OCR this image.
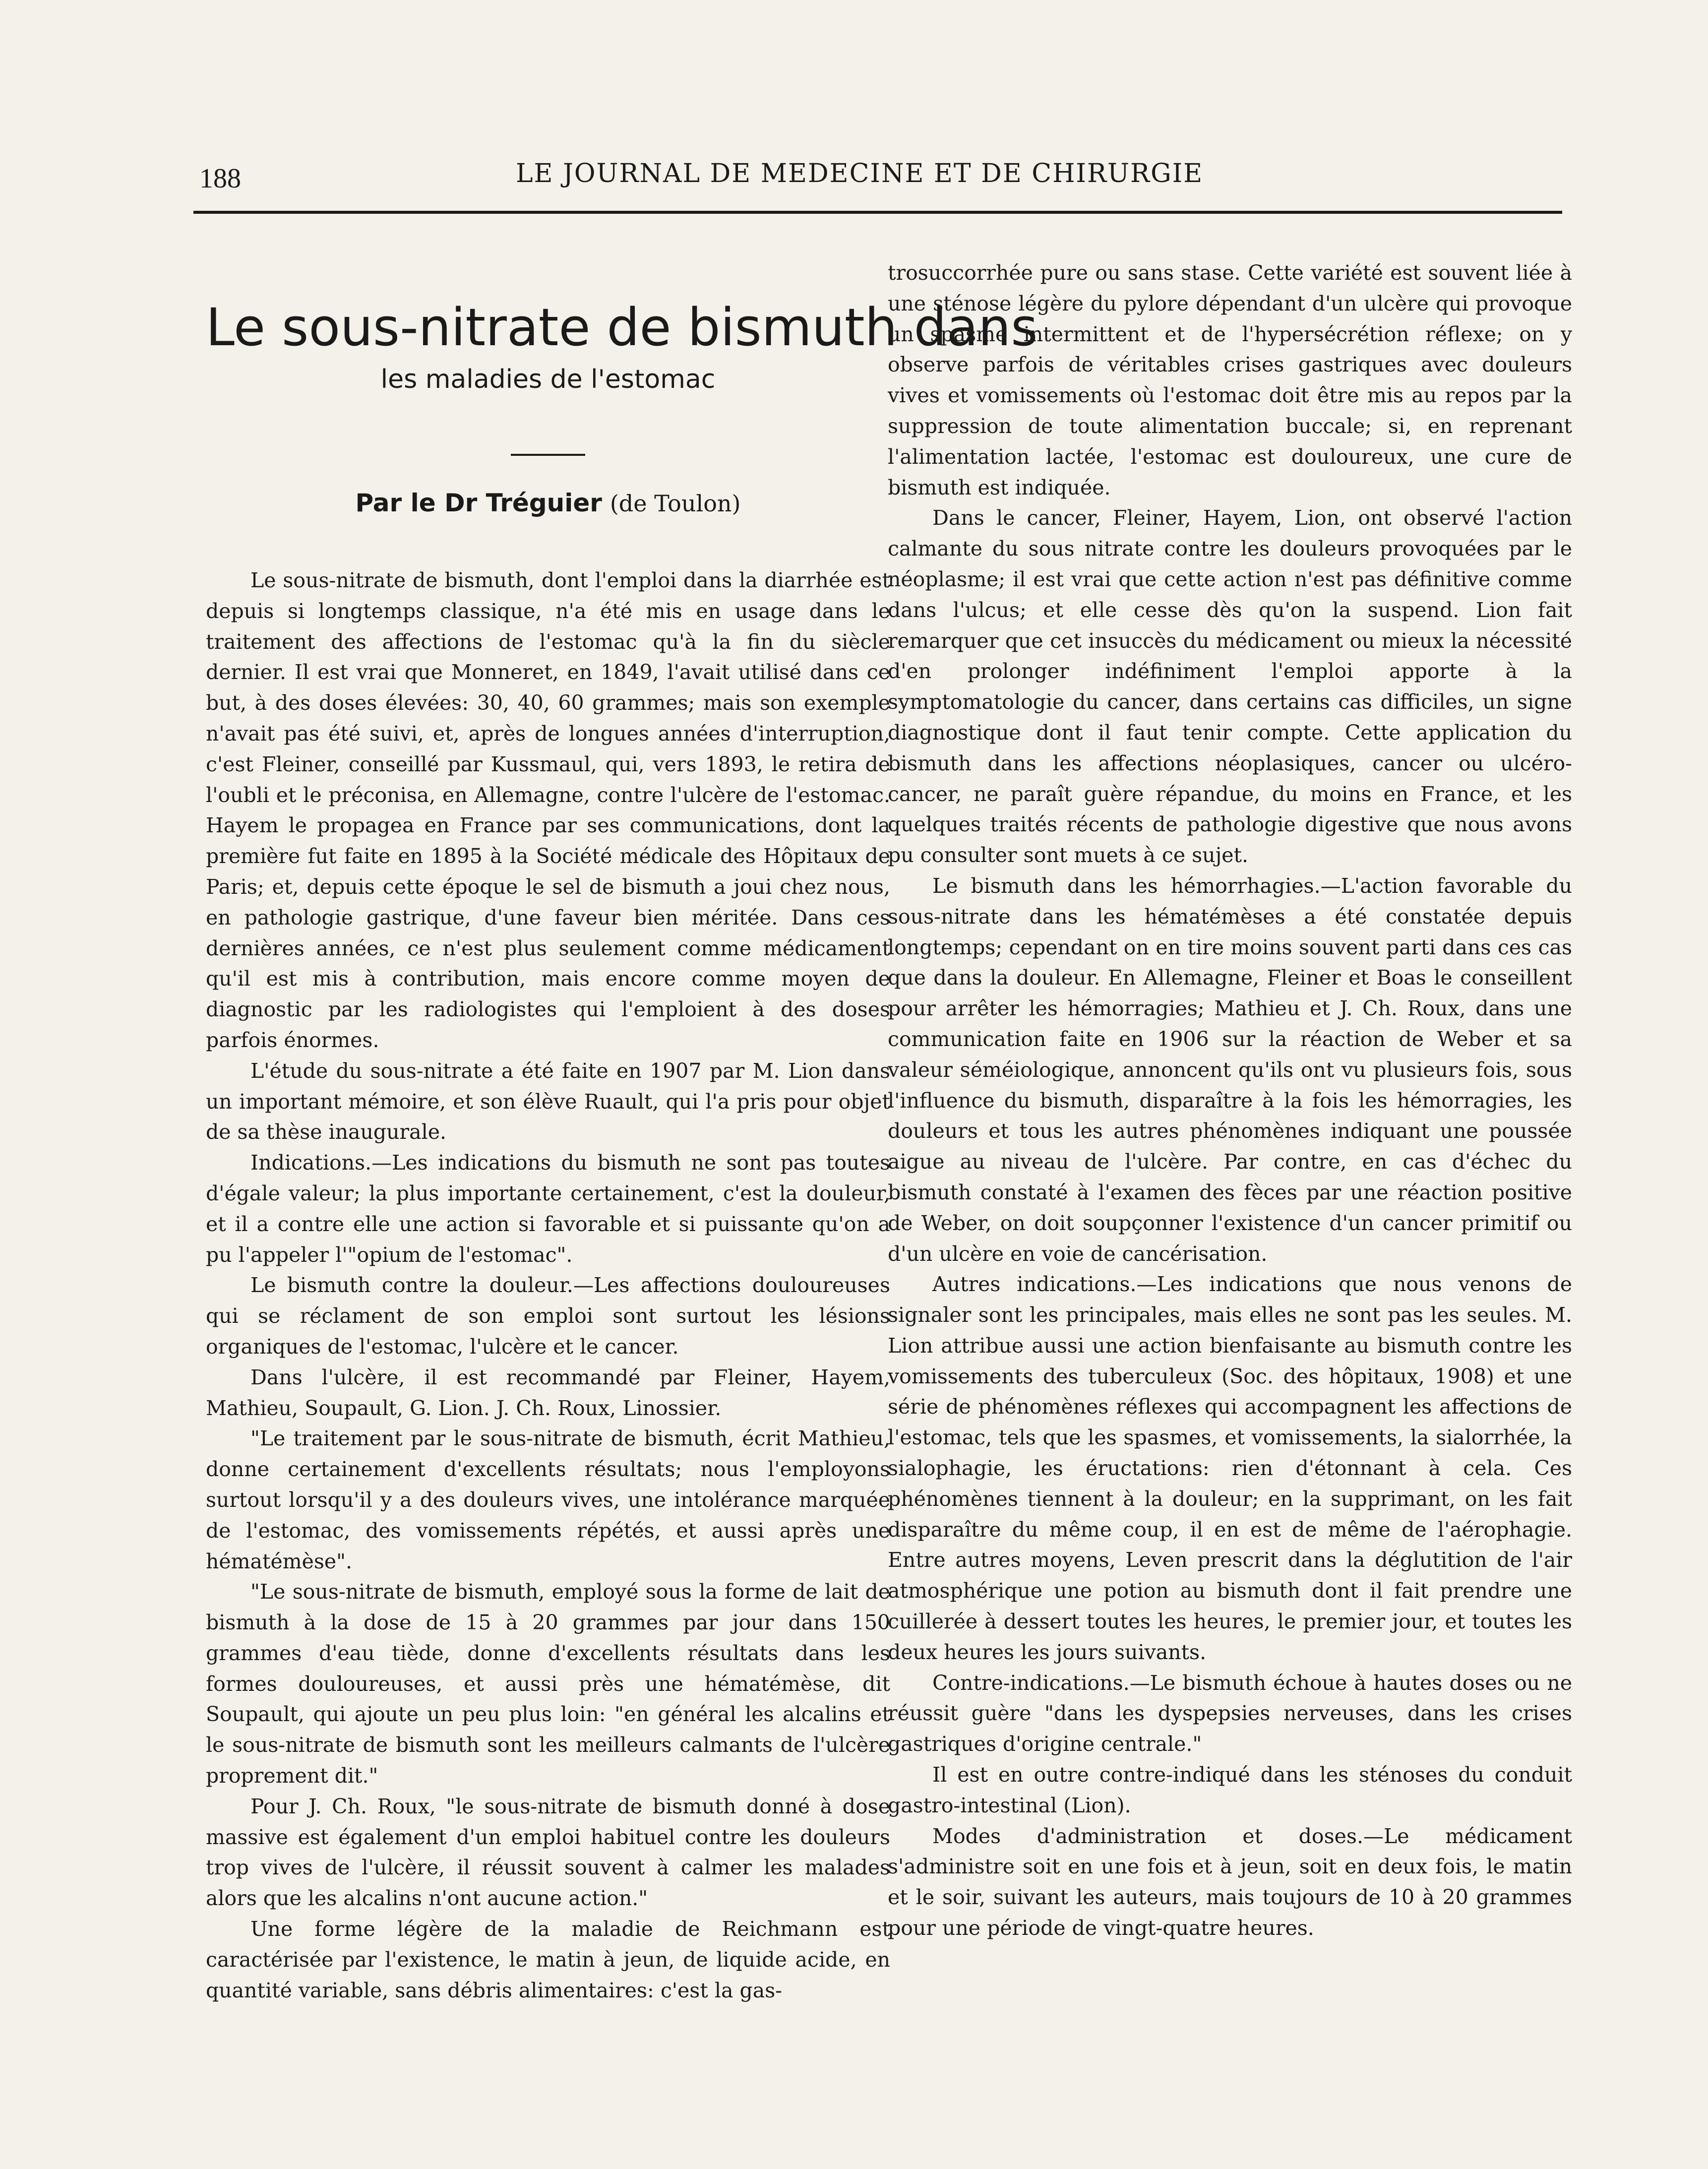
188	LE JOURNAL DE MEDECINE ET DE CHIRURGIE
Le sous-nitrate de bismuth dans
les maladies de l'estomac
Par le Dr Tréguier (de Toulon)

Le sous-nitrate de bismuth, dont l'emploi dans la diarrhée est depuis si longtemps classique, n'a été mis en usage dans le traitement des affections de l'estomac qu'à la fin du siècle dernier. Il est vrai que Monneret, en 1849, l'avait utilisé dans ce but, à des doses élevées: 30, 40, 60 grammes; mais son exemple n'avait pas été suivi, et, après de longues années d'interruption, c'est Fleiner, conseillé par Kussmaul, qui, vers 1893, le retira de l'oubli et le préconisa, en Allemagne, contre l'ulcère de l'estomac. Hayem le propagea en France par ses communications, dont la première fut faite en 1895 à la Société médicale des Hôpitaux de Paris; et, depuis cette époque le sel de bismuth a joui chez nous, en pathologie gastrique, d'une faveur bien méritée. Dans ces dernières années, ce n'est plus seulement comme médicament qu'il est mis à contribution, mais encore comme moyen de diagnostic par les radiologistes qui l'emploient à des doses parfois énormes.

L'étude du sous-nitrate a été faite en 1907 par M. Lion dans un important mémoire, et son élève Ruault, qui l'a pris pour objet de sa thèse inaugurale.

Indications.—Les indications du bismuth ne sont pas toutes d'égale valeur; la plus importante certainement, c'est la douleur, et il a contre elle une action si favorable et si puissante qu'on a pu l'appeler l'"opium de l'estomac".

Le bismuth contre la douleur.—Les affections douloureuses qui se réclament de son emploi sont surtout les lésions organiques de l'estomac, l'ulcère et le cancer.

Dans l'ulcère, il est recommandé par Fleiner, Hayem, Mathieu, Soupault, G. Lion. J. Ch. Roux, Linossier.

"Le traitement par le sous-nitrate de bismuth, écrit Mathieu, donne certainement d'excellents résultats; nous l'employons surtout lorsqu'il y a des douleurs vives, une intolérance marquée de l'estomac, des vomissements répétés, et aussi après une hématémèse".

"Le sous-nitrate de bismuth, employé sous la forme de lait de bismuth à la dose de 15 à 20 grammes par jour dans 150 grammes d'eau tiède, donne d'excellents résultats dans les formes douloureuses, et aussi près une hématémèse, dit Soupault, qui ajoute un peu plus loin: "en général les alcalins et le sous-nitrate de bismuth sont les meilleurs calmants de l'ulcère proprement dit."

Pour J. Ch. Roux, "le sous-nitrate de bismuth donné à dose massive est également d'un emploi habituel contre les douleurs trop vives de l'ulcère, il réussit souvent à calmer les malades alors que les alcalins n'ont aucune action."

Une forme légère de la maladie de Reichmann est caractérisée par l'existence, le matin à jeun, de liquide acide, en quantité variable, sans débris alimentaires: c'est la gas-

trosuccorrhée pure ou sans stase. Cette variété est souvent liée à une sténose légère du pylore dépendant d'un ulcère qui provoque un spasme intermittent et de l'hypersécrétion réflexe; on y observe parfois de véritables crises gastriques avec douleurs vives et vomissements où l'estomac doit être mis au repos par la suppression de toute alimentation buccale; si, en reprenant l'alimentation lactée, l'estomac est douloureux, une cure de bismuth est indiquée.

Dans le cancer, Fleiner, Hayem, Lion, ont observé l'action calmante du sous nitrate contre les douleurs provoquées par le néoplasme; il est vrai que cette action n'est pas définitive comme dans l'ulcus; et elle cesse dès qu'on la suspend. Lion fait remarquer que cet insuccès du médicament ou mieux la nécessité d'en prolonger indéfiniment l'emploi apporte à la symptomatologie du cancer, dans certains cas difficiles, un signe diagnostique dont il faut tenir compte. Cette application du bismuth dans les affections néoplasiques, cancer ou ulcéro-cancer, ne paraît guère répandue, du moins en France, et les quelques traités récents de pathologie digestive que nous avons pu consulter sont muets à ce sujet.

Le bismuth dans les hémorrhagies.—L'action favorable du sous-nitrate dans les hématémèses a été constatée depuis longtemps; cependant on en tire moins souvent parti dans ces cas que dans la douleur. En Allemagne, Fleiner et Boas le conseillent pour arrêter les hémorragies; Mathieu et J. Ch. Roux, dans une communication faite en 1906 sur la réaction de Weber et sa valeur séméiologique, annoncent qu'ils ont vu plusieurs fois, sous l'influence du bismuth, disparaître à la fois les hémorragies, les douleurs et tous les autres phénomènes indiquant une poussée aigue au niveau de l'ulcère. Par contre, en cas d'échec du bismuth constaté à l'examen des fèces par une réaction positive de Weber, on doit soupçonner l'existence d'un cancer primitif ou d'un ulcère en voie de cancérisation.

Autres indications.—Les indications que nous venons de signaler sont les principales, mais elles ne sont pas les seules. M. Lion attribue aussi une action bienfaisante au bismuth contre les vomissements des tuberculeux (Soc. des hôpitaux, 1908) et une série de phénomènes réflexes qui accompagnent les affections de l'estomac, tels que les spasmes, et vomissements, la sialorrhée, la sialophagie, les éructations: rien d'étonnant à cela. Ces phénomènes tiennent à la douleur; en la supprimant, on les fait disparaître du même coup, il en est de même de l'aérophagie. Entre autres moyens, Leven prescrit dans la déglutition de l'air atmosphérique une potion au bismuth dont il fait prendre une cuillerée à dessert toutes les heures, le premier jour, et toutes les deux heures les jours suivants.

Contre-indications.—Le bismuth échoue à hautes doses ou ne réussit guère "dans les dyspepsies nerveuses, dans les crises gastriques d'origine centrale."

Il est en outre contre-indiqué dans les sténoses du conduit gastro-intestinal (Lion).

Modes d'administration et doses.—Le médicament s'administre soit en une fois et à jeun, soit en deux fois, le matin et le soir, suivant les auteurs, mais toujours de 10 à 20 grammes pour une période de vingt-quatre heures.
